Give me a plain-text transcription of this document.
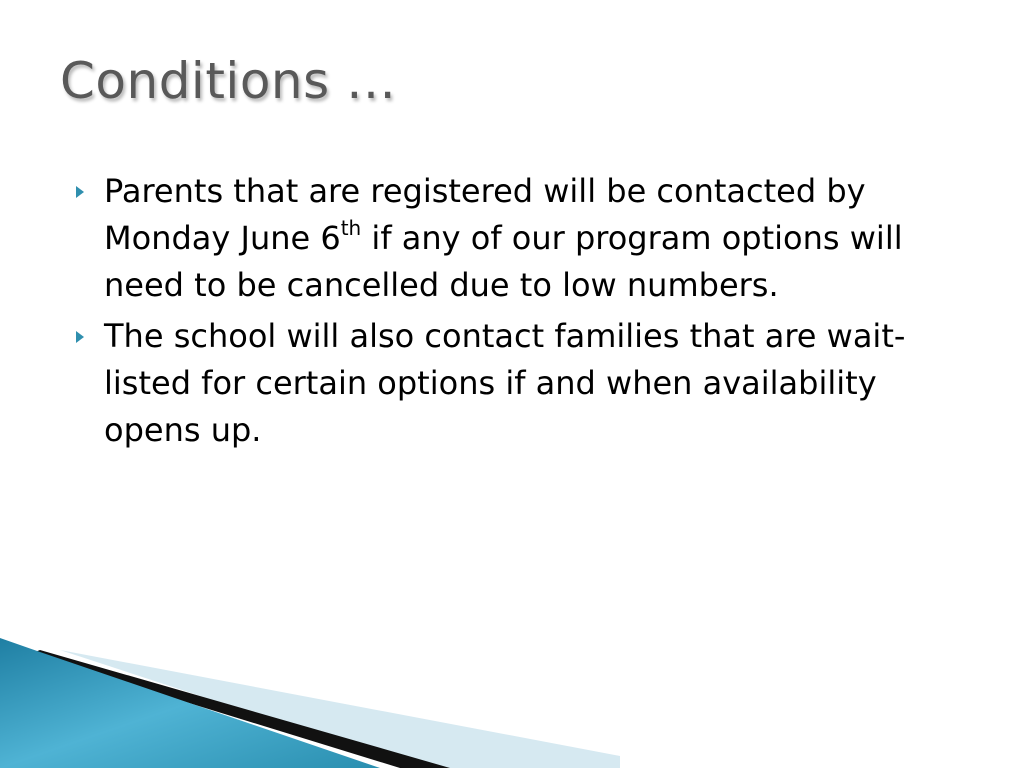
Conditions …
Parents that are registered will be contacted by Monday June 6th if any of our program options will need to be cancelled due to low numbers.
The school will also contact families that are wait-listed for certain options if and when availability opens up.
